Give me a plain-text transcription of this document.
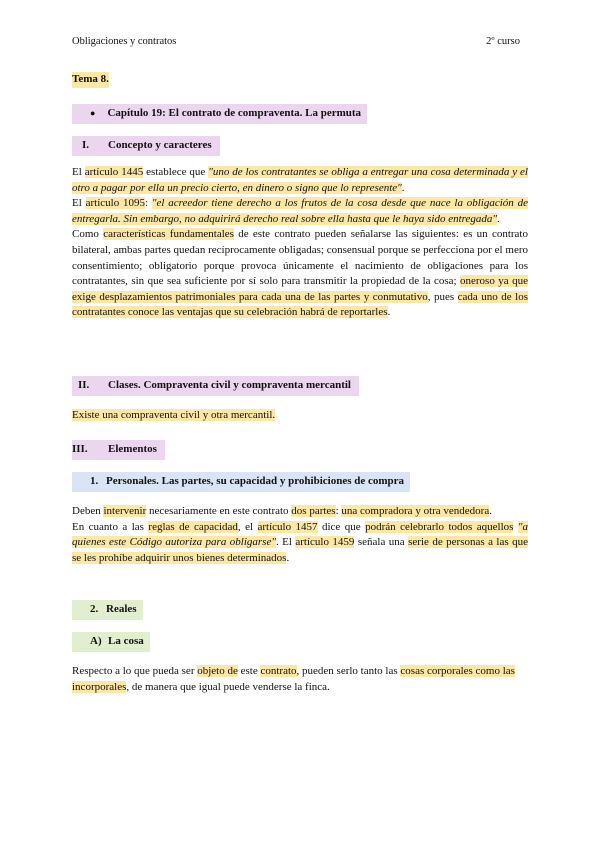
Obligaciones y contratos	2º curso
Tema 8.
● Capítulo 19: El contrato de compraventa. La permuta
I.	Concepto y caracteres

El artículo 1445 establece que "uno de los contratantes se obliga a entregar una cosa determinada y el otro a pagar por ella un precio cierto, en dinero o signo que lo represente".

El artículo 1095: "el acreedor tiene derecho a los frutos de la cosa desde que nace la obligación de entregarla. Sin embargo, no adquirirá derecho real sobre ella hasta que le haya sido entregada".

Como características fundamentales de este contrato pueden señalarse las siguientes: es un contrato bilateral, ambas partes quedan recíprocamente obligadas; consensual porque se perfecciona por el mero consentimiento; obligatorio porque provoca únicamente el nacimiento de obligaciones para los contratantes, sin que sea suficiente por sí solo para transmitir la propiedad de la cosa; oneroso ya que exige desplazamientos patrimoniales para cada una de las partes y conmutativo, pues cada uno de los contratantes conoce las ventajas que su celebración habrá de reportarles.

II.	Clases. Compraventa civil y compraventa mercantil
Existe una compraventa civil y otra mercantil.
III.	Elementos
1. Personales. Las partes, su capacidad y prohibiciones de compra

Deben intervenir necesariamente en este contrato dos partes: una compradora y otra vendedora.

En cuanto a las reglas de capacidad, el artículo 1457 dice que podrán celebrarlo todos aquellos "a quienes este Código autoriza para obligarse". El artículo 1459 señala una serie de personas a las que se les prohíbe adquirir unos bienes determinados.

2. Reales
A) La cosa

Respecto a lo que pueda ser objeto de este contrato, pueden serlo tanto las cosas corporales como las incorporales, de manera que igual puede venderse la finca.
